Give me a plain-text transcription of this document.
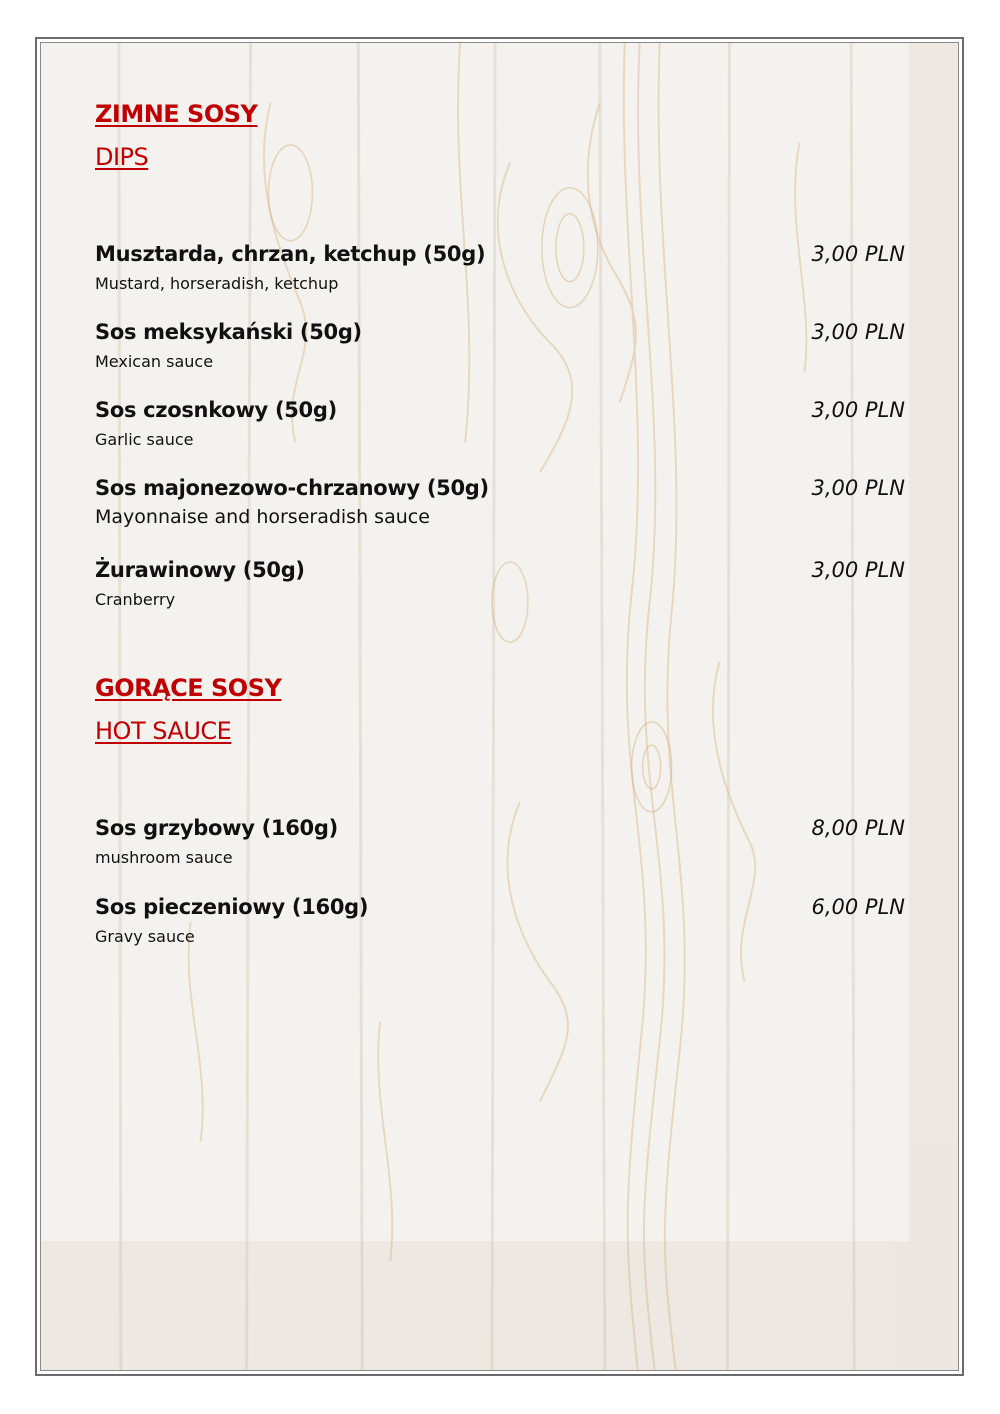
ZIMNE SOSY
DIPS
Musztarda, chrzan, ketchup (50g)	3,00 PLN
Mustard, horseradish, ketchup
Sos meksykański (50g)	3,00 PLN
Mexican sauce
Sos czosnkowy (50g)	3,00 PLN
Garlic sauce
Sos majonezowo-chrzanowy (50g)	3,00 PLN
Mayonnaise and horseradish sauce
Żurawinowy (50g)	3,00 PLN
Cranberry
GORĄCE SOSY
HOT SAUCE
Sos grzybowy (160g)	8,00 PLN
mushroom sauce
Sos pieczeniowy (160g)	6,00 PLN
Gravy sauce
